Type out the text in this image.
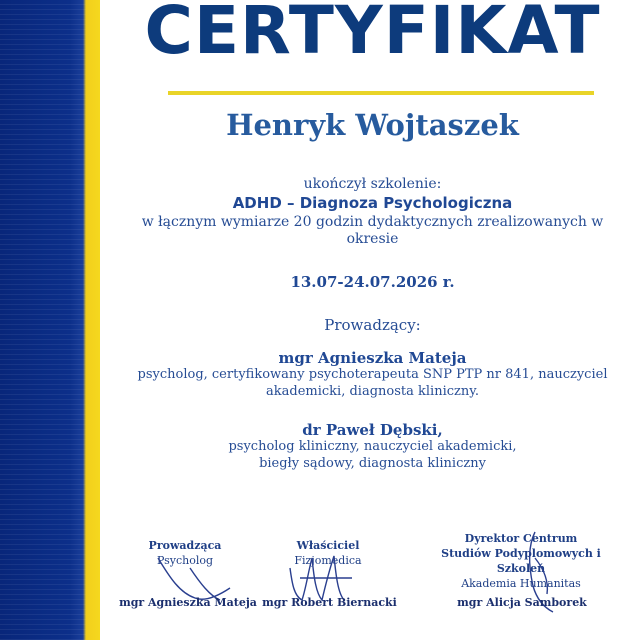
CERTYFIKAT
Henryk Wojtaszek
ukończył szkolenie:
ADHD – Diagnoza Psychologiczna
w łącznym wymiarze 20 godzin dydaktycznych zrealizowanych w
okresie
13.07-24.07.2026 r.
Prowadzący:
mgr Agnieszka Mateja
psycholog, certyfikowany psychoterapeuta SNP PTP nr 841, nauczyciel
akademicki, diagnosta kliniczny.
dr Paweł Dębski,
psycholog kliniczny, nauczyciel akademicki,
biegły sądowy, diagnosta kliniczny
Prowadząca
Psycholog
mgr Agnieszka Mateja
Właściciel
Fizjomedica
mgr Robert Biernacki
Dyrektor Centrum
Studiów Podyplomowych i Szkoleń
Akademia Humanitas
mgr Alicja Samborek
